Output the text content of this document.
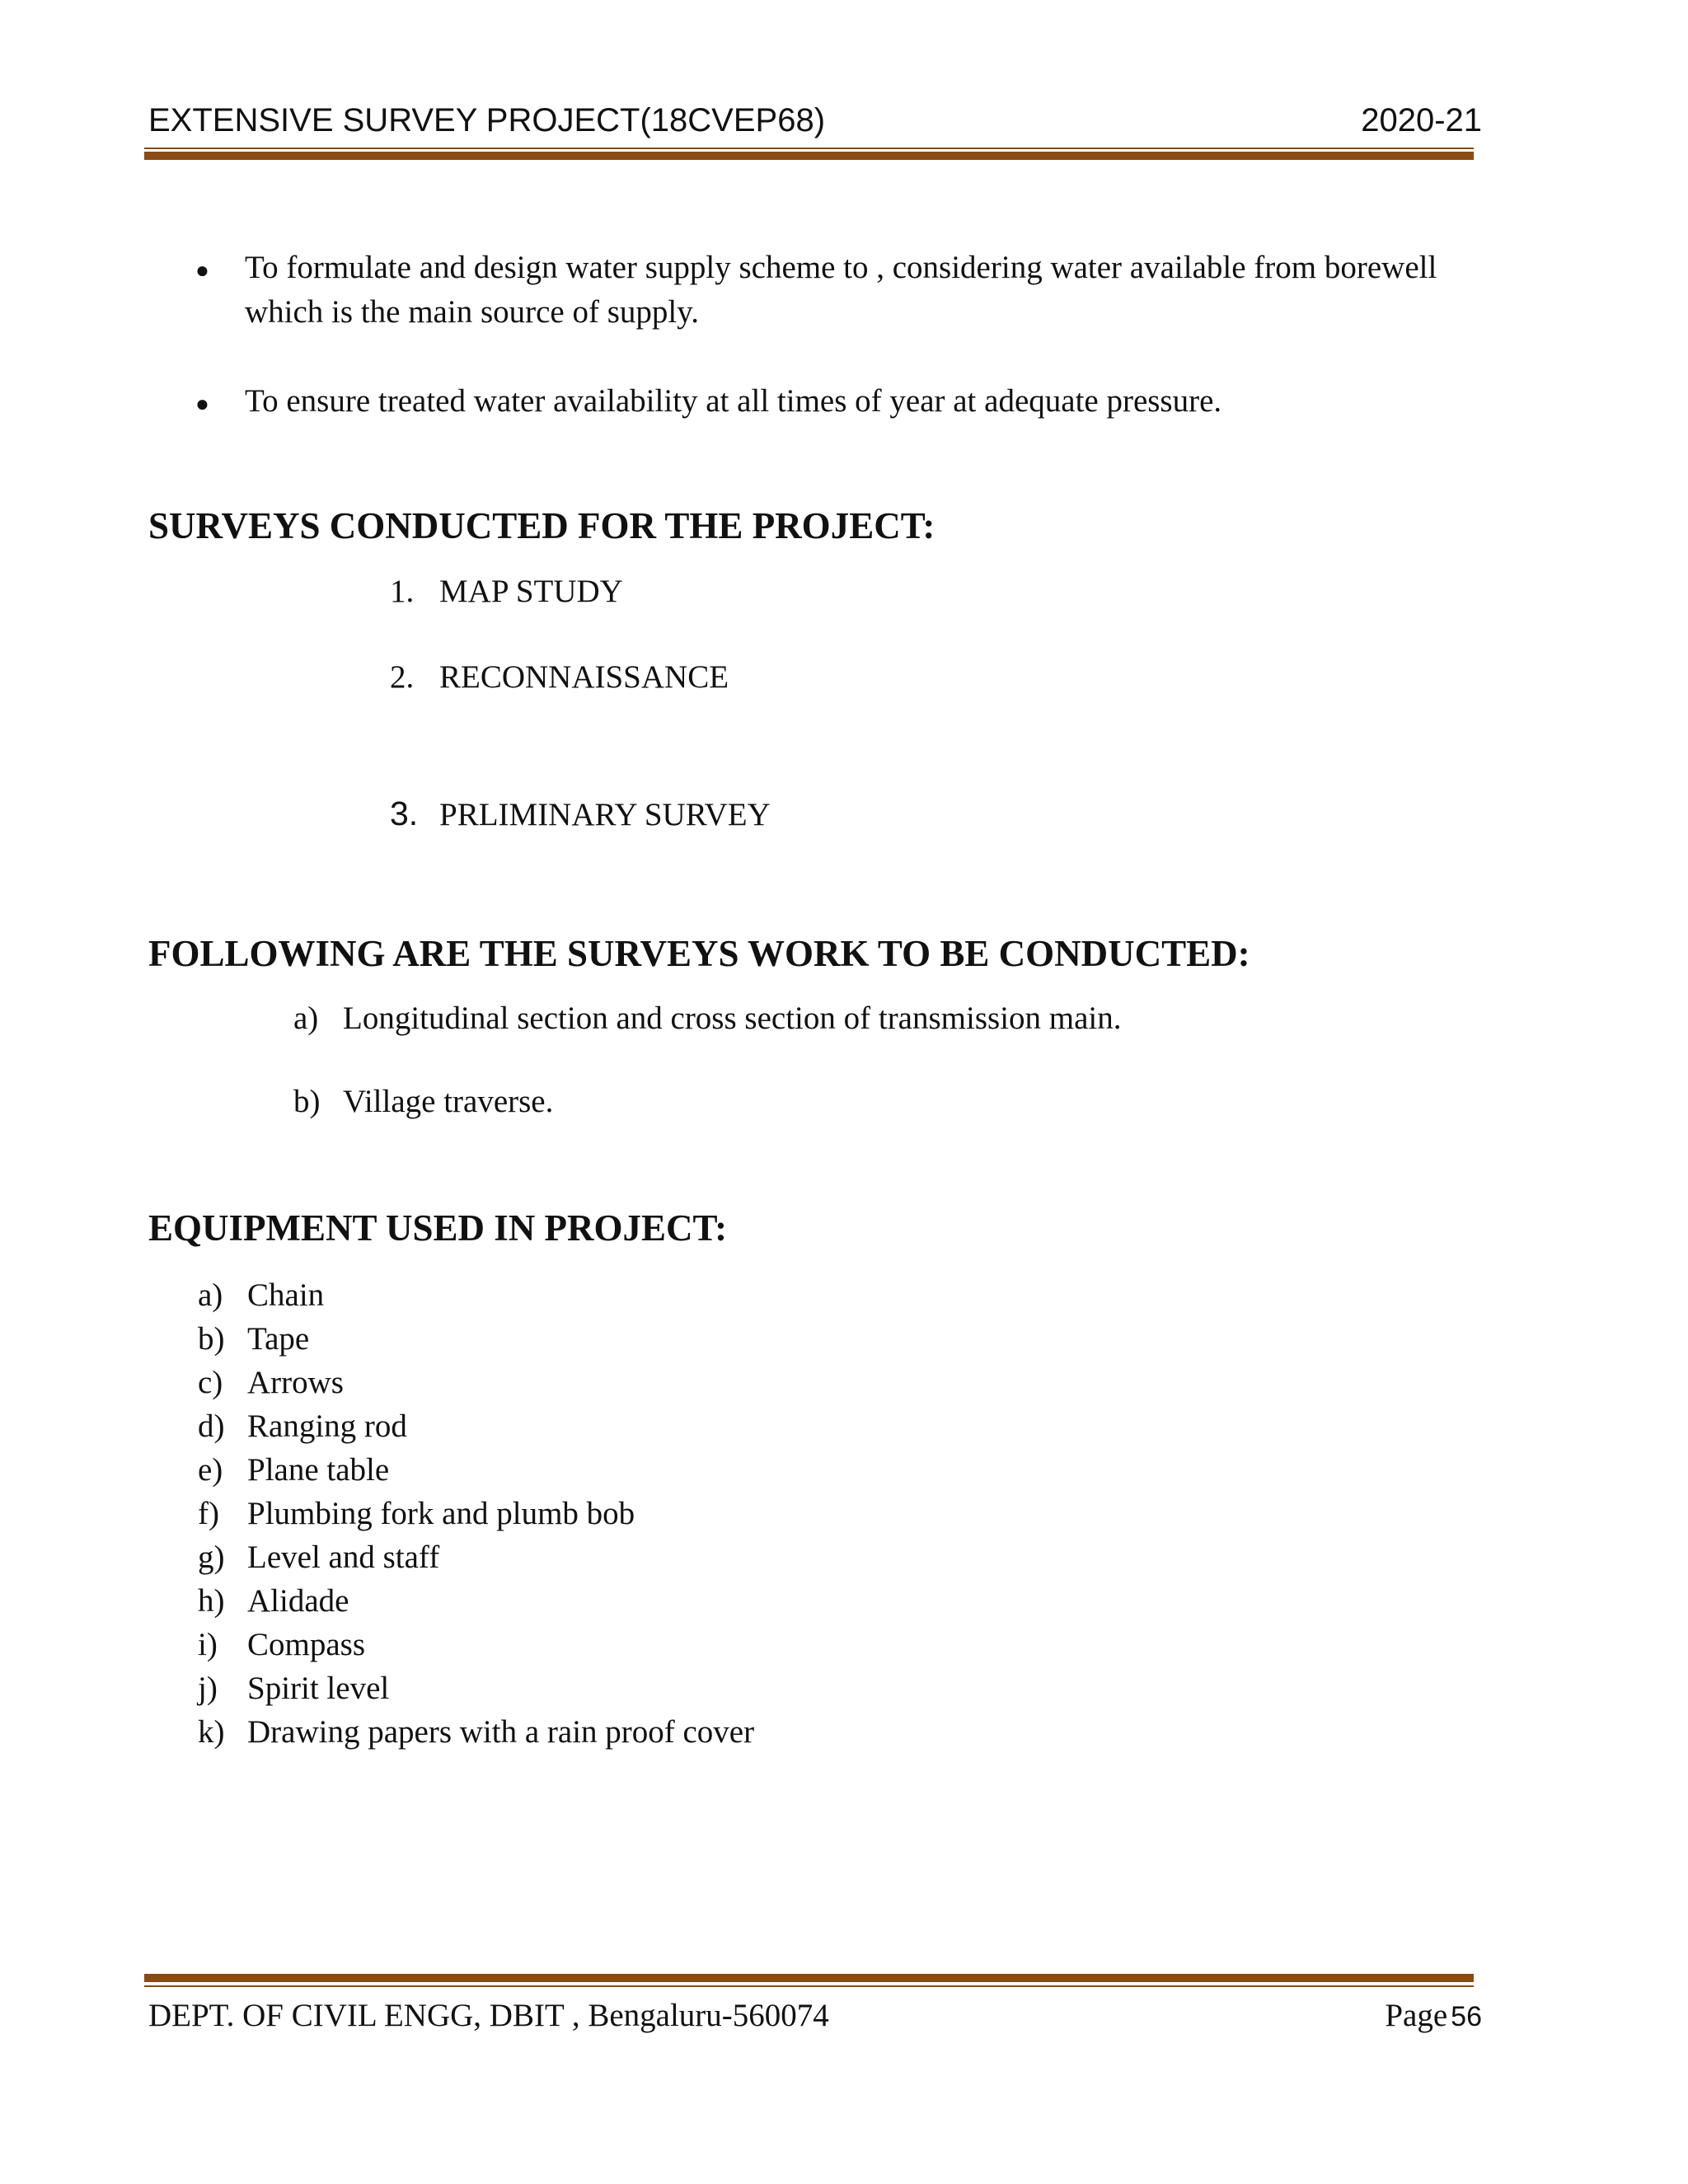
EXTENSIVE SURVEY PROJECT(18CVEP68)	2020-21
● To formulate and design water supply scheme to , considering water available from borewell
which is the main source of supply.
● To ensure treated water availability at all times of year at adequate pressure.
SURVEYS CONDUCTED FOR THE PROJECT:
1. MAP STUDY
2. RECONNAISSANCE
3. PRLIMINARY SURVEY
FOLLOWING ARE THE SURVEYS WORK TO BE CONDUCTED:
a) Longitudinal section and cross section of transmission main.
b) Village traverse.
EQUIPMENT USED IN PROJECT:
a) Chain
b) Tape
c) Arrows
d) Ranging rod
e) Plane table
f) Plumbing fork and plumb bob
g) Level and staff
h) Alidade
i) Compass
j) Spirit level
k) Drawing papers with a rain proof cover
DEPT. OF CIVIL ENGG, DBIT , Bengaluru-560074	Page 56
